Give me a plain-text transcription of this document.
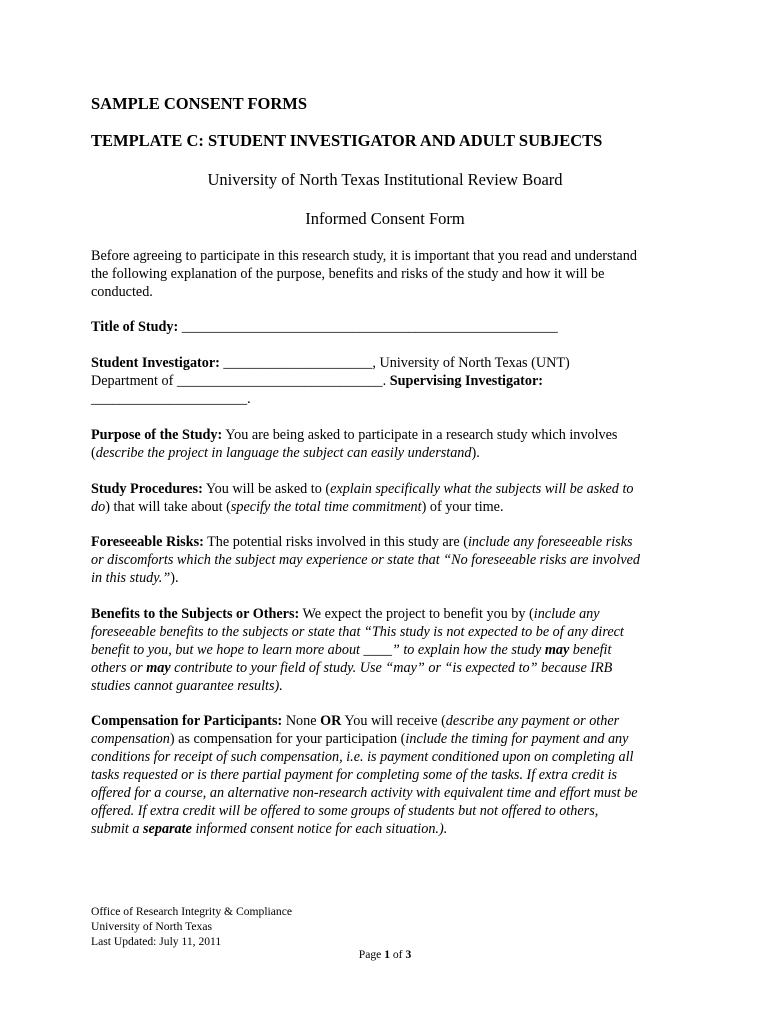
SAMPLE CONSENT FORMS
TEMPLATE C: STUDENT INVESTIGATOR AND ADULT SUBJECTS
University of North Texas Institutional Review Board
Informed Consent Form
Before agreeing to participate in this research study, it is important that you read and understand
the following explanation of the purpose, benefits and risks of the study and how it will be
conducted.
Title of Study: _____________________________________________________
Student Investigator: _____________________, University of North Texas (UNT)
Department of _____________________________. Supervising Investigator:
______________________.
Purpose of the Study: You are being asked to participate in a research study which involves
(describe the project in language the subject can easily understand).
Study Procedures: You will be asked to (explain specifically what the subjects will be asked to
do) that will take about (specify the total time commitment) of your time.
Foreseeable Risks: The potential risks involved in this study are (include any foreseeable risks
or discomforts which the subject may experience or state that “No foreseeable risks are involved
in this study.”).
Benefits to the Subjects or Others: We expect the project to benefit you by (include any
foreseeable benefits to the subjects or state that “This study is not expected to be of any direct
benefit to you, but we hope to learn more about ____” to explain how the study may benefit
others or may contribute to your field of study. Use “may” or “is expected to” because IRB
studies cannot guarantee results).
Compensation for Participants: None OR You will receive (describe any payment or other
compensation) as compensation for your participation (include the timing for payment and any
conditions for receipt of such compensation, i.e. is payment conditioned upon on completing all
tasks requested or is there partial payment for completing some of the tasks. If extra credit is
offered for a course, an alternative non-research activity with equivalent time and effort must be
offered. If extra credit will be offered to some groups of students but not offered to others,
submit a separate informed consent notice for each situation.).
Office of Research Integrity & Compliance
University of North Texas
Last Updated: July 11, 2011
Page 1 of 3
